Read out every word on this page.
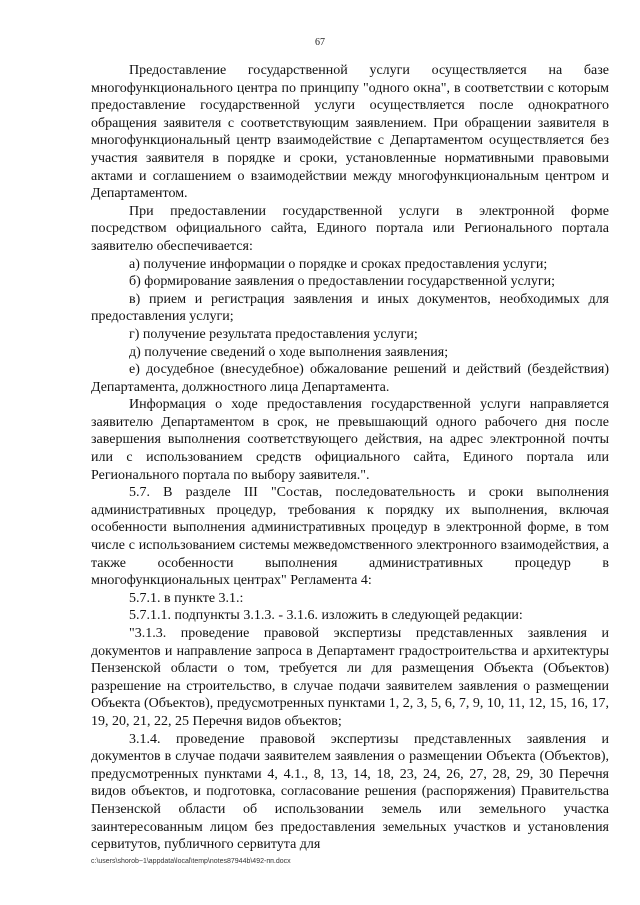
67

Предоставление государственной услуги осуществляется на базе многофункционального центра по принципу "одного окна", в соответствии с которым предоставление государственной услуги осуществляется после однократного обращения заявителя с соответствующим заявлением. При обращении заявителя в многофункциональный центр взаимодействие с Департаментом осуществляется без участия заявителя в порядке и сроки, установленные нормативными правовыми актами и соглашением о взаимодействии между многофункциональным центром и Департаментом.

При предоставлении государственной услуги в электронной форме посредством официального сайта, Единого портала или Регионального портала заявителю обеспечивается:

а) получение информации о порядке и сроках предоставления услуги;

б) формирование заявления о предоставлении государственной услуги;

в) прием и регистрация заявления и иных документов, необходимых для предоставления услуги;

г) получение результата предоставления услуги;

д) получение сведений о ходе выполнения заявления;

е) досудебное (внесудебное) обжалование решений и действий (бездействия) Департамента, должностного лица Департамента.

Информация о ходе предоставления государственной услуги направляется заявителю Департаментом в срок, не превышающий одного рабочего дня после завершения выполнения соответствующего действия, на адрес электронной почты или с использованием средств официального сайта, Единого портала или Регионального портала по выбору заявителя.".

5.7. В разделе III "Состав, последовательность и сроки выполнения административных процедур, требования к порядку их выполнения, включая особенности выполнения административных процедур в электронной форме, в том числе с использованием системы межведомственного электронного взаимодействия, а также особенности выполнения административных процедур в многофункциональных центрах" Регламента 4:

5.7.1. в пункте 3.1.:

5.7.1.1. подпункты 3.1.3. - 3.1.6. изложить в следующей редакции:

"3.1.3. проведение правовой экспертизы представленных заявления и документов и направление запроса в Департамент градостроительства и архитектуры Пензенской области о том, требуется ли для размещения Объекта (Объектов) разрешение на строительство, в случае подачи заявителем заявления о размещении Объекта (Объектов), предусмотренных пунктами 1, 2, 3, 5, 6, 7, 9, 10, 11, 12, 15, 16, 17, 19, 20, 21, 22, 25 Перечня видов объектов;

3.1.4. проведение правовой экспертизы представленных заявления и документов в случае подачи заявителем заявления о размещении Объекта (Объектов), предусмотренных пунктами 4, 4.1., 8, 13, 14, 18, 23, 24, 26, 27, 28, 29, 30 Перечня видов объектов, и подготовка, согласование решения (распоряжения) Правительства Пензенской области об использовании земель или земельного участка заинтересованным лицом без предоставления земельных участков и установления сервитутов, публичного сервитута для

c:\users\shorob~1\appdata\local\temp\notes87944b\492-пп.docx
